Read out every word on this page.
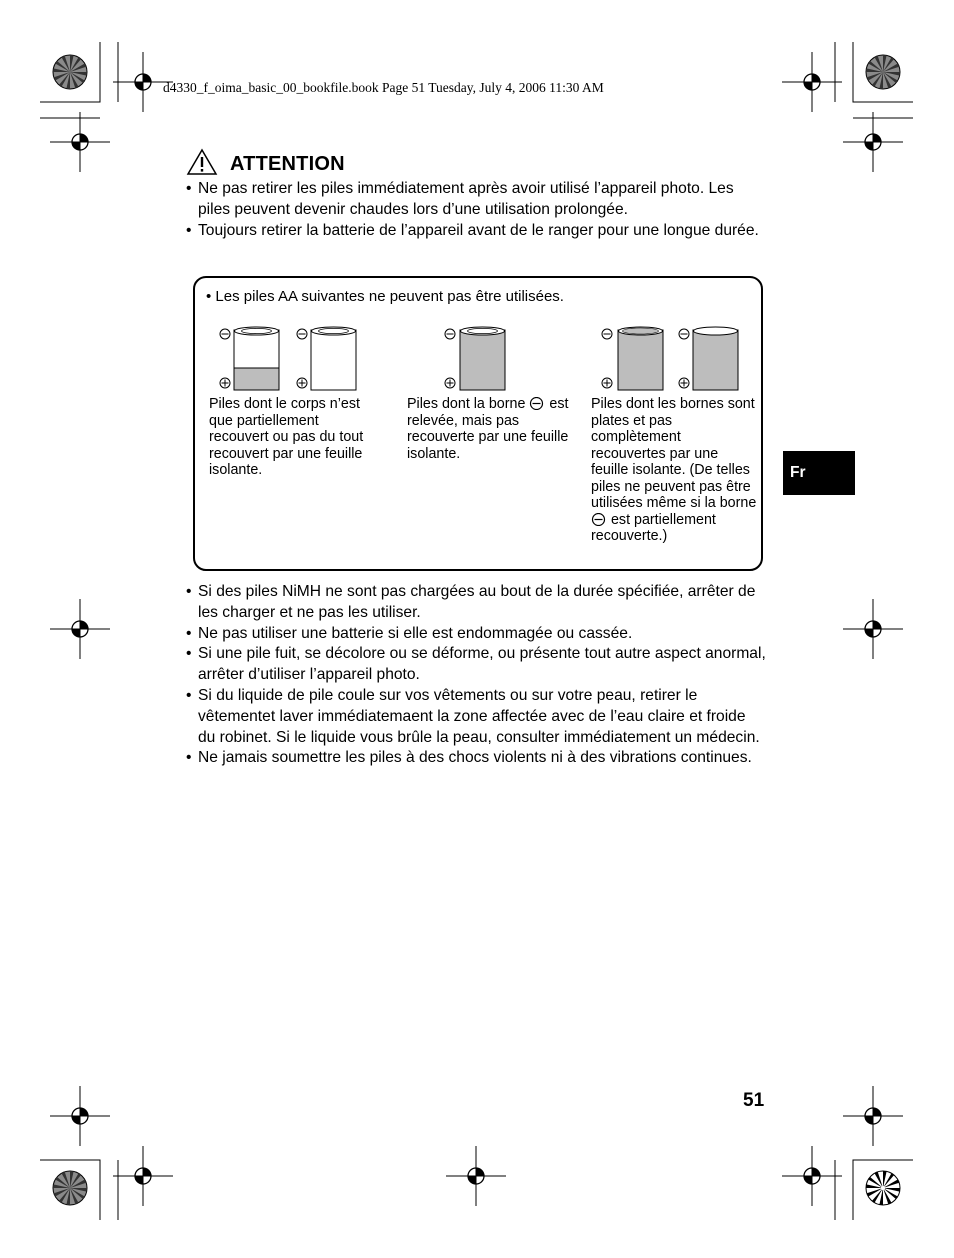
d4330_f_oima_basic_00_bookfile.book Page 51 Tuesday, July 4, 2006 11:30 AM
ATTENTION
• Ne pas retirer les piles immédiatement après avoir utilisé l’appareil photo. Les piles peuvent devenir chaudes lors d’une utilisation prolongée.
• Toujours retirer la batterie de l’appareil avant de le ranger pour une longue durée.
• Les piles AA suivantes ne peuvent pas être utilisées.
Piles dont le corps n’est que partiellement recouvert ou pas du tout recouvert par une feuille isolante.
Piles dont la borne  est relevée, mais pas recouverte par une feuille isolante.
Piles dont les bornes sont plates et pas complètement recouvertes par une feuille isolante. (De telles piles ne peuvent pas être utilisées même si la borne  est partiellement recouverte.)
• Si des piles NiMH ne sont pas chargées au bout de la durée spécifiée, arrêter de les charger et ne pas les utiliser.
• Ne pas utiliser une batterie si elle est endommagée ou cassée.
• Si une pile fuit, se décolore ou se déforme, ou présente tout autre aspect anormal, arrêter d’utiliser l’appareil photo.
• Si du liquide de pile coule sur vos vêtements ou sur votre peau, retirer le vêtementet laver immédiatemaent la zone affectée avec de l’eau claire et froide du robinet. Si le liquide vous brûle la peau, consulter immédiatement un médecin.
• Ne jamais soumettre les piles à des chocs violents ni à des vibrations continues.
Fr
51
